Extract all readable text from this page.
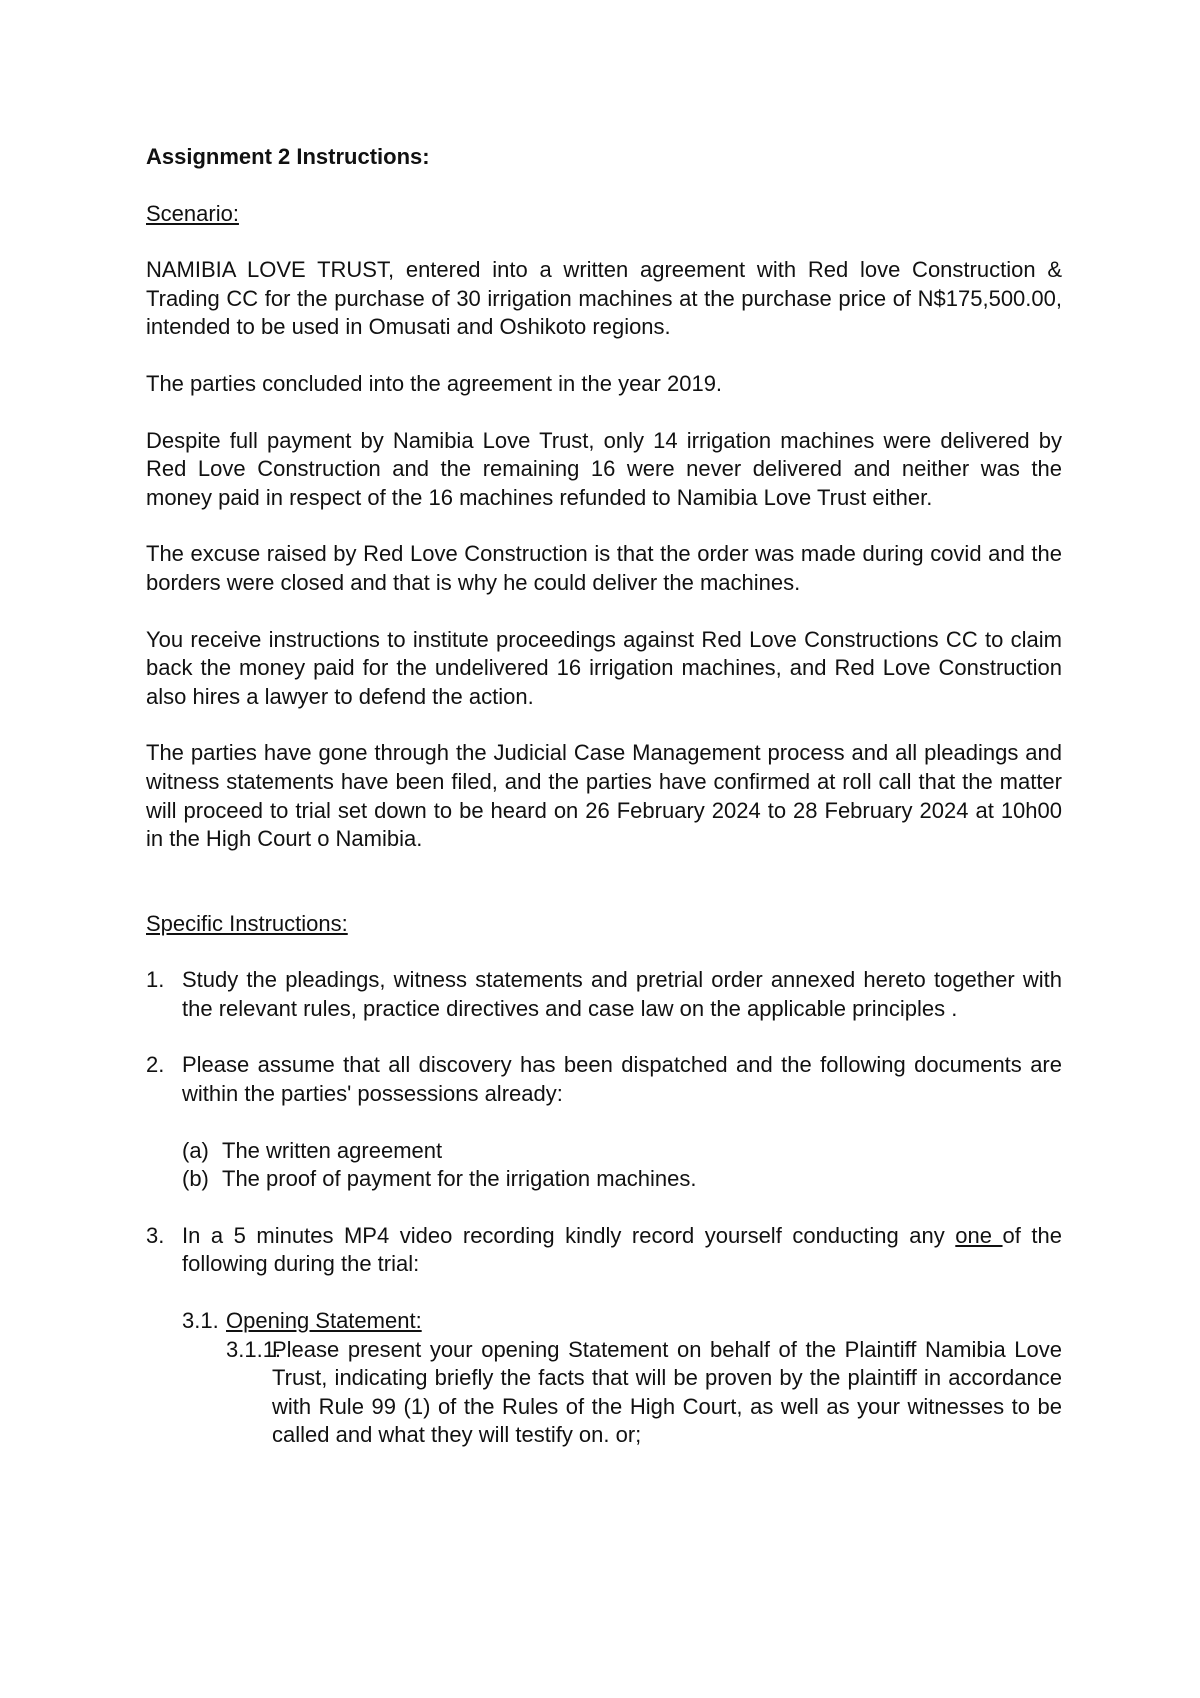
Assignment 2 Instructions:
Scenario:
NAMIBIA LOVE TRUST, entered into a written agreement with Red love Construction & Trading CC for the purchase of 30 irrigation machines at the purchase price of N$175,500.00, intended to be used in Omusati and Oshikoto regions.
The parties concluded into the agreement in the year 2019.
Despite full payment by Namibia Love Trust, only 14 irrigation machines were delivered by Red Love Construction and the remaining 16 were never delivered and neither was the money paid in respect of the 16 machines refunded to Namibia Love Trust either.
The excuse raised by Red Love Construction is that the order was made during covid and the borders were closed and that is why he could deliver the machines.
You receive instructions to institute proceedings against Red Love Constructions CC to claim back the money paid for the undelivered 16 irrigation machines, and Red Love Construction also hires a lawyer to defend the action.
The parties have gone through the Judicial Case Management process and all pleadings and witness statements have been filed, and the parties have confirmed at roll call that the matter will proceed to trial set down to be heard on 26 February 2024 to 28 February 2024 at 10h00 in the High Court o Namibia.
Specific Instructions:
1. Study the pleadings, witness statements and pretrial order annexed hereto together with the relevant rules, practice directives and case law on the applicable principles .
2. Please assume that all discovery has been dispatched and the following documents are within the parties' possessions already:
(a) The written agreement
(b) The proof of payment for the irrigation machines.
3. In a 5 minutes MP4 video recording kindly record yourself conducting any one of the following during the trial:
3.1. Opening Statement:
3.1.1.
Please present your opening Statement on behalf of the Plaintiff Namibia Love Trust, indicating briefly the facts that will be proven by the plaintiff in accordance with Rule 99 (1) of the Rules of the High Court, as well as your witnesses to be called and what they will testify on. or;
